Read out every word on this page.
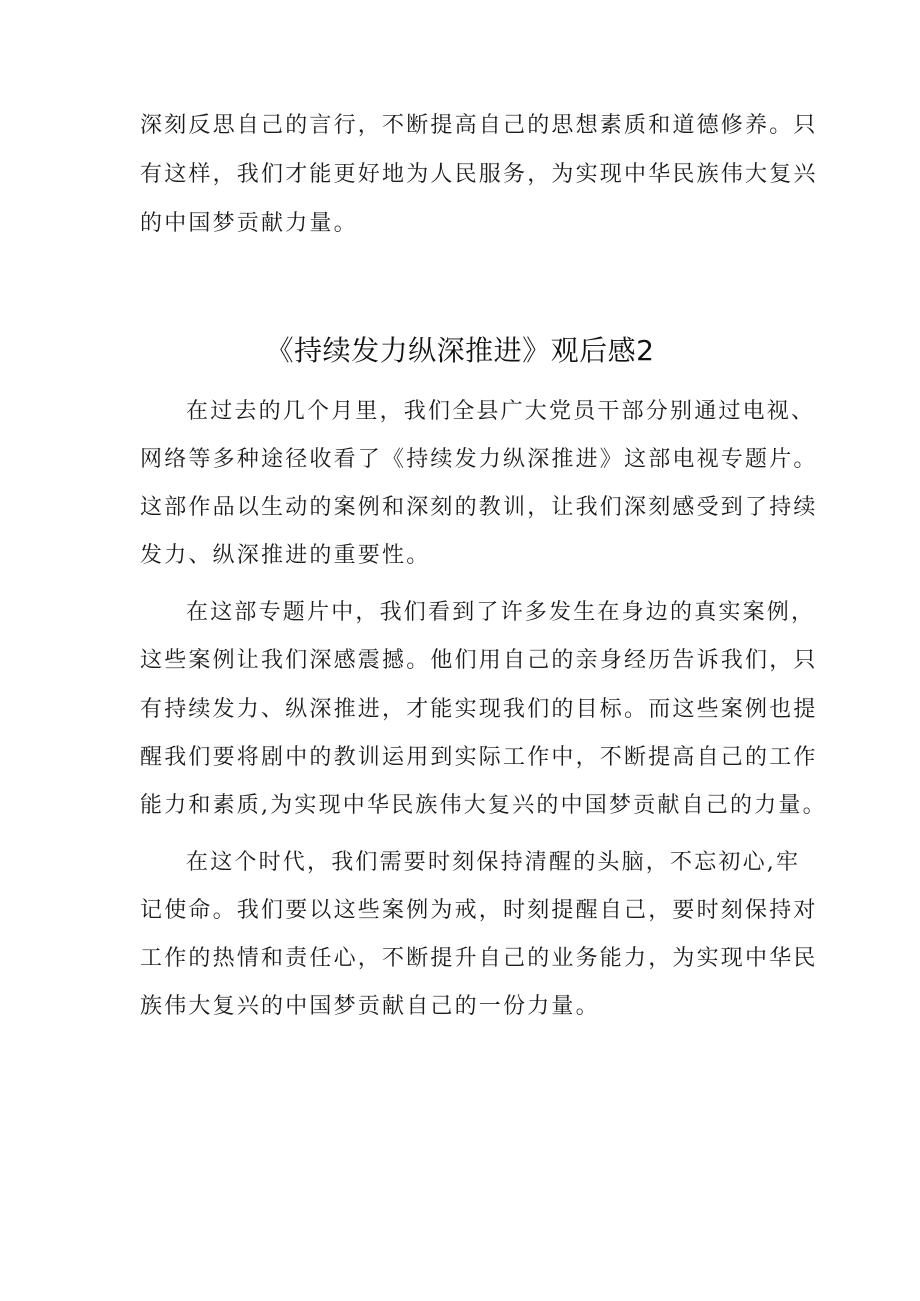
深刻反思自己的言行，不断提高自己的思想素质和道德修养。只
有这样，我们才能更好地为人民服务，为实现中华民族伟大复兴
的中国梦贡献力量。
《持续发力纵深推进》观后感2
在过去的几个月里，我们全县广大党员干部分别通过电视、
网络等多种途径收看了《持续发力纵深推进》这部电视专题片。
这部作品以生动的案例和深刻的教训，让我们深刻感受到了持续
发力、纵深推进的重要性。
在这部专题片中，我们看到了许多发生在身边的真实案例，
这些案例让我们深感震撼。他们用自己的亲身经历告诉我们，只
有持续发力、纵深推进，才能实现我们的目标。而这些案例也提
醒我们要将剧中的教训运用到实际工作中，不断提高自己的工作
能力和素质,为实现中华民族伟大复兴的中国梦贡献自己的力量。
在这个时代，我们需要时刻保持清醒的头脑，不忘初心,牢
记使命。我们要以这些案例为戒，时刻提醒自己，要时刻保持对
工作的热情和责任心，不断提升自己的业务能力，为实现中华民
族伟大复兴的中国梦贡献自己的一份力量。
